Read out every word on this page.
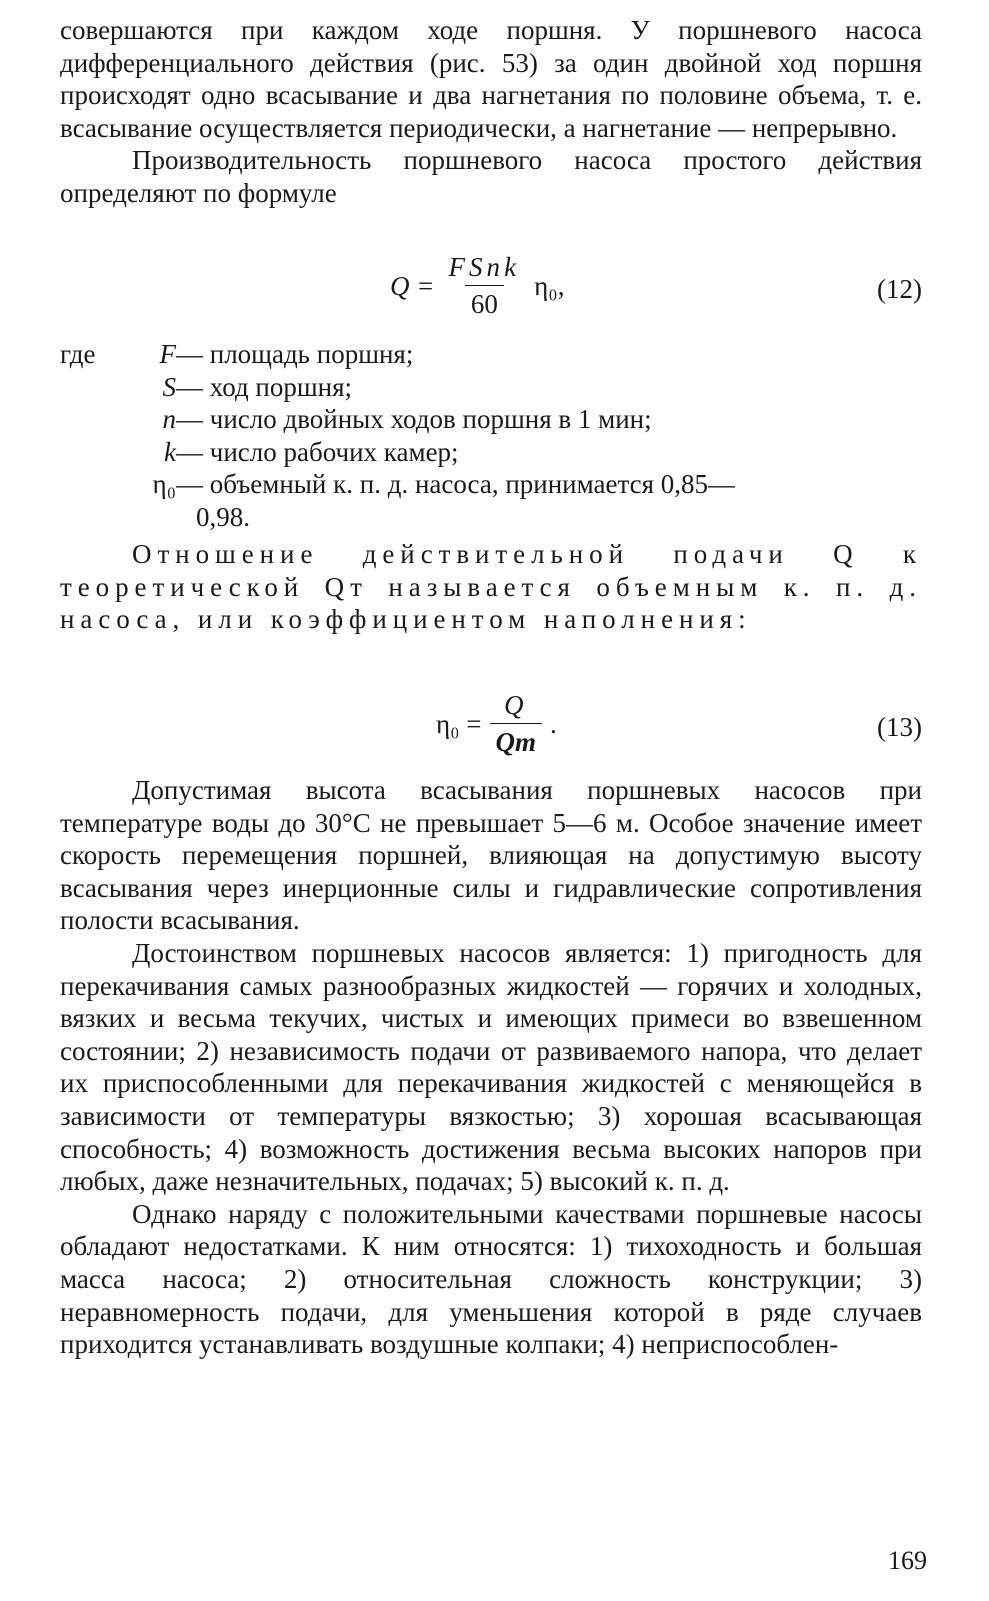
совершаются при каждом ходе поршня. У поршневого насоса дифференциального действия (рис. 53) за один двойной ход поршня происходят одно всасывание и два нагнетания по половине объема, т. е. всасывание осуществляется периодически, а нагнетание — непрерывно.

Производительность поршневого насоса простого действия определяют по формуле

$Q = \frac{\text{FSnk}}{60} \eta_0$,	(12)
где	F — площадь поршня;
S — ход поршня;
n — число двойных ходов поршня в 1 мин;
k — число рабочих камер;
η₀ — объемный к. п. д. насоса, принимается 0,85—
0,98.

Отношение действительной подачи Q к теоретической Qт называется объемным к. п. д. насоса, или коэффициентом наполнения:

$\eta_0 = \frac{Q}{Qт}$ .	(13)

Допустимая высота всасывания поршневых насосов при температуре воды до 30°С не превышает 5—6 м. Особое значение имеет скорость перемещения поршней, влияющая на допустимую высоту всасывания через инерционные силы и гидравлические сопротивления полости всасывания.

Достоинством поршневых насосов является: 1) пригодность для перекачивания самых разнообразных жидкостей — горячих и холодных, вязких и весьма текучих, чистых и имеющих примеси во взвешенном состоянии; 2) независимость подачи от развиваемого напора, что делает их приспособленными для перекачивания жидкостей с меняющейся в зависимости от температуры вязкостью; 3) хорошая всасывающая способность; 4) возможность достижения весьма высоких напоров при любых, даже незначительных, подачах; 5) высокий к. п. д.

Однако наряду с положительными качествами поршневые насосы обладают недостатками. К ним относятся: 1) тихоходность и большая масса насоса; 2) относительная сложность конструкции; 3) неравномерность подачи, для уменьшения которой в ряде случаев приходится устанавливать воздушные колпаки; 4) неприспособлен-

169
